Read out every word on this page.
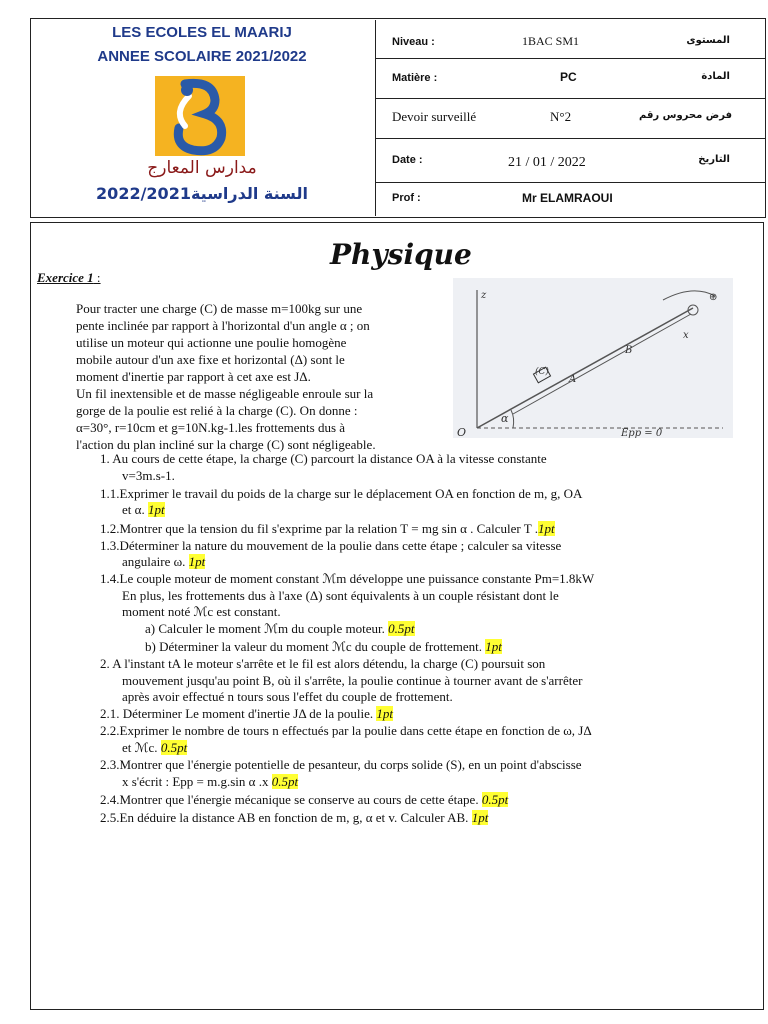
LES ECOLES EL MAARIJ
ANNEE SCOLAIRE 2021/2022
مدارس المعارج
السنة الدراسية2022/2021
Niveau :	1BAC SM1	المستوى
Matière :	PC	المادة
Devoir surveillé	N°2	فرض محروس رقم
Date :	21 / 01 / 2022	التاريخ
Prof :	Mr ELAMRAOUI
Physique
Exercice 1 :
Pour tracter une charge (C) de masse m=100kg sur une
pente inclinée par rapport à l'horizontal d'un angle α ; on
utilise un moteur qui actionne une poulie homogène
mobile autour d'un axe fixe et horizontal (Δ) sont le
moment d'inertie par rapport à cet axe est JΔ.
Un fil inextensible et de masse négligeable enroule sur la
gorge de la poulie est relié à la charge (C). On donne :
α=30°, r=10cm et g=10N.kg-1.les frottements dus à
l'action du plan incliné sur la charge (C) sont négligeable.
z
x
B
A
(C)
α
O	Epp = 0
⊕
1. Au cours de cette étape, la charge (C) parcourt la distance OA à la vitesse constante
v=3m.s-1.
1.1.Exprimer le travail du poids de la charge sur le déplacement OA en fonction de m, g, OA
et α. 1pt
1.2.Montrer que la tension du fil s'exprime par la relation T = mg sin α . Calculer T .1pt
1.3.Déterminer la nature du mouvement de la poulie dans cette étape ; calculer sa vitesse
angulaire ω. 1pt
1.4.Le couple moteur de moment constant ℳm développe une puissance constante Pm=1.8kW
En plus, les frottements dus à l'axe (Δ) sont équivalents à un couple résistant dont le
moment noté ℳc est constant.
a) Calculer le moment ℳm du couple moteur. 0.5pt
b) Déterminer la valeur du moment ℳc du couple de frottement. 1pt
2. A l'instant tA le moteur s'arrête et le fil est alors détendu, la charge (C) poursuit son
mouvement jusqu'au point B, où il s'arrête, la poulie continue à tourner avant de s'arrêter
après avoir effectué n tours sous l'effet du couple de frottement.
2.1. Déterminer Le moment d'inertie JΔ de la poulie. 1pt
2.2.Exprimer le nombre de tours n effectués par la poulie dans cette étape en fonction de ω, JΔ
et ℳc. 0.5pt
2.3.Montrer que l'énergie potentielle de pesanteur, du corps solide (S), en un point d'abscisse
x s'écrit : Epp = m.g.sin α .x 0.5pt
2.4.Montrer que l'énergie mécanique se conserve au cours de cette étape. 0.5pt
2.5.En déduire la distance AB en fonction de m, g, α et v. Calculer AB. 1pt
